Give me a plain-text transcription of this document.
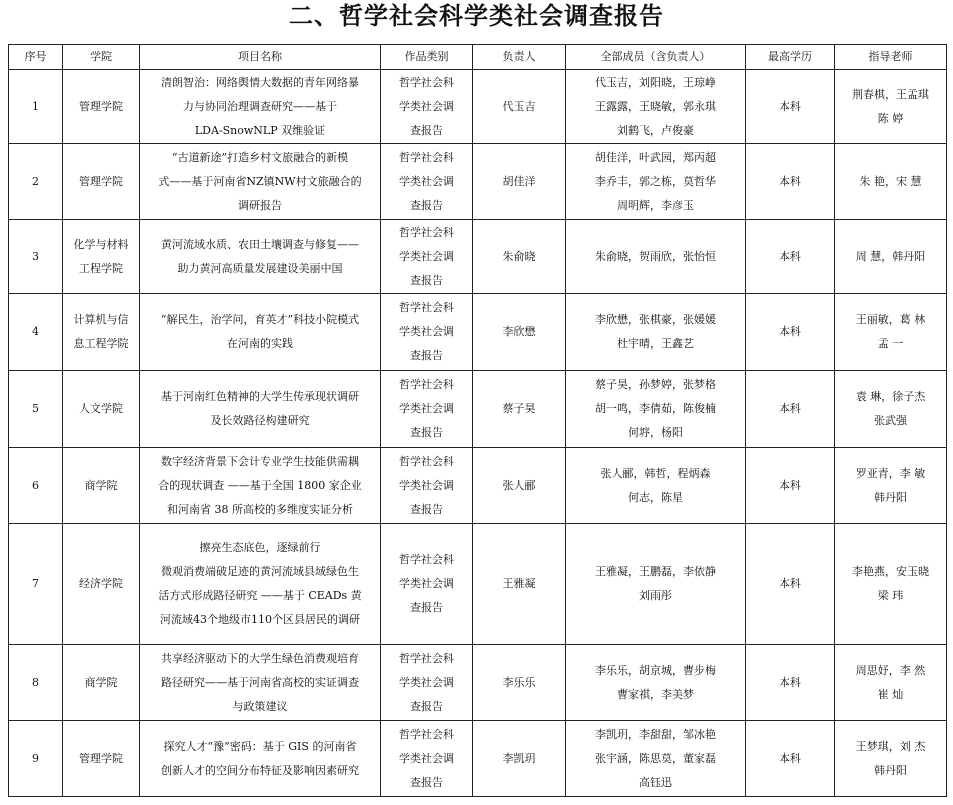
二、哲学社会科学类社会调查报告
序号	学院	项目名称	作品类别	负责人	全部成员（含负责人）	最高学历	指导老师
1	管理学院	清朗智治：网络舆情大数据的青年网络暴
力与协同治理调查研究——基于
LDA-SnowNLP 双维验证	哲学社会科
学类社会调
查报告	代玉吉	代玉吉，刘阳晓，王琼峥
王露露，王晓敏，郭永琪
刘鹤飞，卢俊豪	本科	荆春棋，王孟琪
陈 婷

2	管理学院	“古道新途”打造乡村文旅融合的新模
式——基于河南省NZ镇NW村文旅融合的
调研报告	哲学社会科
学类社会调
查报告	胡佳洋	胡佳洋，叶武园，郑丙超
李乔丰，郭之栋，莫哲华
周明辉，李彦玉	本科	朱 艳，宋 慧

3	化学与材料
工程学院	黄河流域水质、农田土壤调查与修复——
助力黄河高质量发展建设美丽中国	哲学社会科
学类社会调
查报告	朱俞晓	朱俞晓，贺雨欣，张怡恒	本科	周 慧，韩丹阳

4	计算机与信
息工程学院	“解民生，治学问，育英才”科技小院模式
在河南的实践	哲学社会科
学类社会调
查报告	李欣懋	李欣懋，张棋豪，张媛媛
杜宇晴，王鑫艺	本科	王丽敏，葛 林
孟 一

5	人文学院	基于河南红色精神的大学生传承现状调研
及长效路径构建研究	哲学社会科
学类社会调
查报告	蔡子昊	蔡子昊，孙梦婷，张梦格
胡一鸣，李倩茹，陈俊楠
何垿，杨阳	本科	袁 琳，徐子杰
张武强

6	商学院	数字经济背景下会计专业学生技能供需耦
合的现状调查 ——基于全国 1800 家企业
和河南省 38 所高校的多维度实证分析	哲学社会科
学类社会调
查报告	张人郦	张人郦，韩哲，程炳森
何志，陈星	本科	罗亚青，李 敏
韩丹阳

7	经济学院	擦亮生态底色，逐绿前行
微观消费端破足迹的黄河流域县域绿色生
活方式形成路径研究 ——基于 CEADs 黄
河流域43个地级市110个区县居民的调研	哲学社会科
学类社会调
查报告	王雅凝	王雅凝，王鹏磊，李依静
刘雨彤	本科	李艳燕，安玉晓
梁 玮

8	商学院	共享经济驱动下的大学生绿色消费观培育
路径研究——基于河南省高校的实证调查
与政策建议	哲学社会科
学类社会调
查报告	李乐乐	李乐乐，胡京城，曹步梅
曹家祺，李美梦	本科	周思妤，李 然
崔 灿

9	管理学院	探究人才“豫”密码：基于 GIS 的河南省
创新人才的空间分布特征及影响因素研究	哲学社会科
学类社会调
查报告	李凯玥	李凯玥，李甜甜，邹冰艳
张宇涵，陈思莫，董家磊
高钰迅	本科	王梦琪，刘 杰
韩丹阳
